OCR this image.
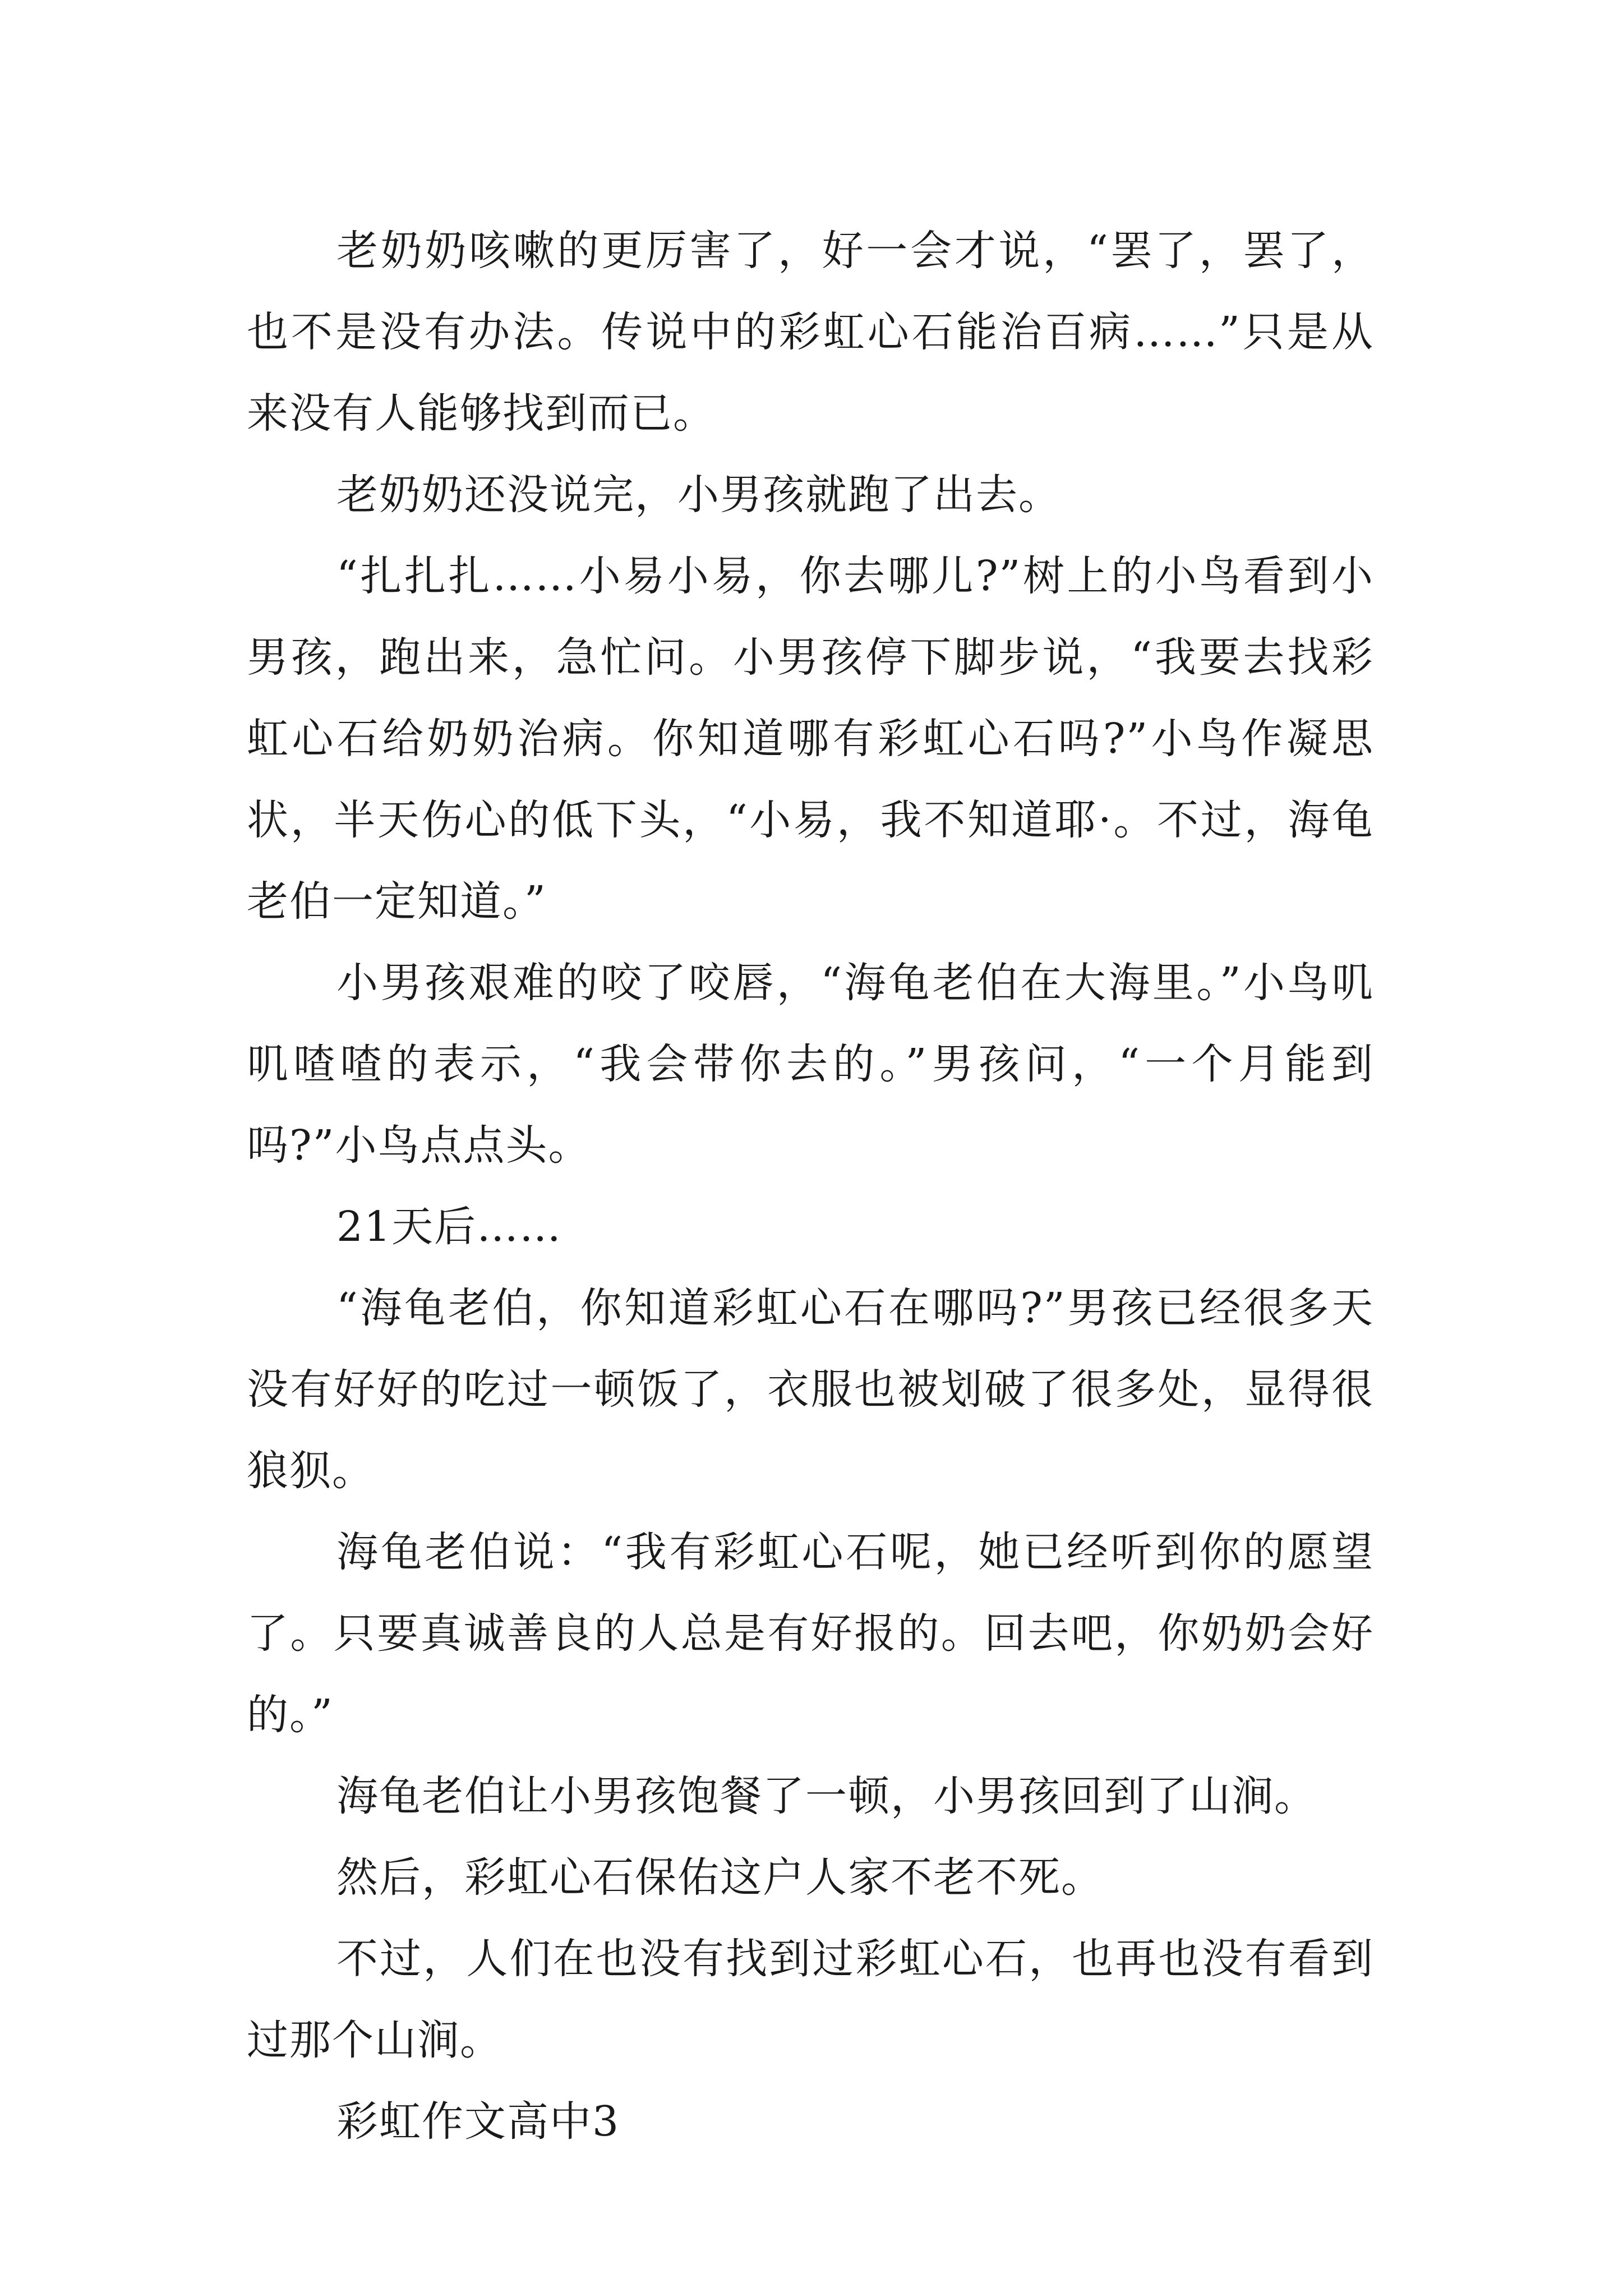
老奶奶咳嗽的更厉害了，好一会才说，“罢了，罢了，也不是没有办法。传说中的彩虹心石能治百病……”只是从来没有人能够找到而已。

老奶奶还没说完，小男孩就跑了出去。

“扎扎扎……小易小易，你去哪儿?”树上的小鸟看到小男孩，跑出来，急忙问。小男孩停下脚步说，“我要去找彩虹心石给奶奶治病。你知道哪有彩虹心石吗?”小鸟作凝思状，半天伤心的低下头，“小易，我不知道耶·。不过，海龟老伯一定知道。”

小男孩艰难的咬了咬唇，“海龟老伯在大海里。”小鸟叽叽喳喳的表示，“我会带你去的。”男孩问，“一个月能到吗?”小鸟点点头。

21天后……

“海龟老伯，你知道彩虹心石在哪吗?”男孩已经很多天没有好好的吃过一顿饭了，衣服也被划破了很多处，显得很狼狈。

海龟老伯说：“我有彩虹心石呢，她已经听到你的愿望了。只要真诚善良的人总是有好报的。回去吧，你奶奶会好的。”

海龟老伯让小男孩饱餐了一顿，小男孩回到了山涧。

然后，彩虹心石保佑这户人家不老不死。

不过，人们在也没有找到过彩虹心石，也再也没有看到过那个山涧。

彩虹作文高中3
